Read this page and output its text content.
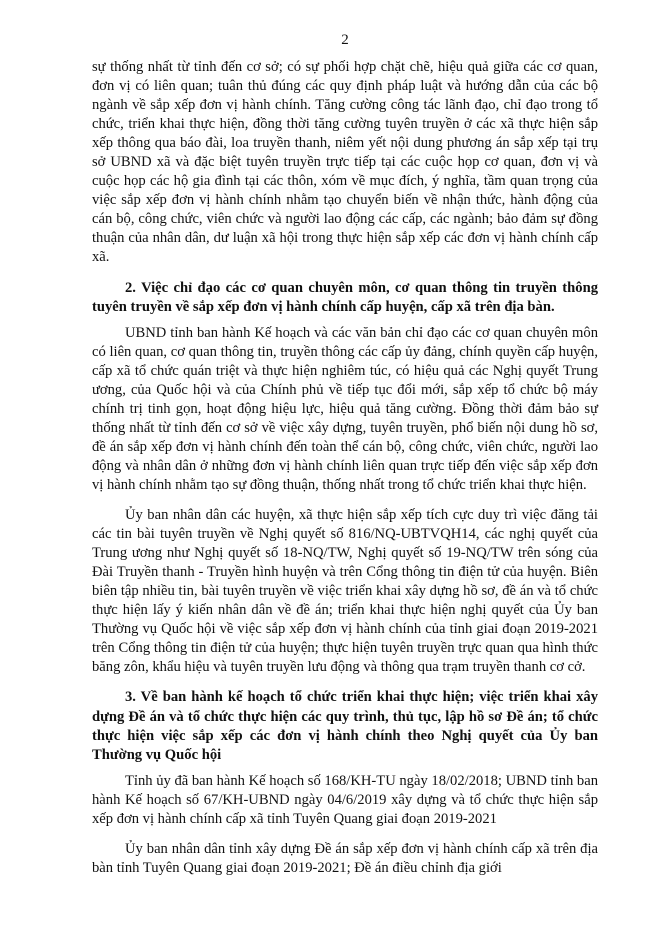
2

sự thống nhất từ tỉnh đến cơ sở; có sự phối hợp chặt chẽ, hiệu quả giữa các cơ quan, đơn vị có liên quan; tuân thủ đúng các quy định pháp luật và hướng dẫn của các bộ ngành về sắp xếp đơn vị hành chính. Tăng cường công tác lãnh đạo, chỉ đạo trong tổ chức, triển khai thực hiện, đồng thời tăng cường tuyên truyền ở các xã thực hiện sắp xếp thông qua báo đài, loa truyền thanh, niêm yết nội dung phương án sắp xếp tại trụ sở UBND xã và đặc biệt tuyên truyền trực tiếp tại các cuộc họp cơ quan, đơn vị và cuộc họp các hộ gia đình tại các thôn, xóm về mục đích, ý nghĩa, tầm quan trọng của việc sắp xếp đơn vị hành chính nhằm tạo chuyển biến về nhận thức, hành động của cán bộ, công chức, viên chức và người lao động các cấp, các ngành; bảo đảm sự đồng thuận của nhân dân, dư luận xã hội trong thực hiện sắp xếp các đơn vị hành chính cấp xã.

2. Việc chỉ đạo các cơ quan chuyên môn, cơ quan thông tin truyền thông tuyên truyền về sắp xếp đơn vị hành chính cấp huyện, cấp xã trên địa bàn.

UBND tỉnh ban hành Kế hoạch và các văn bản chỉ đạo các cơ quan chuyên môn có liên quan, cơ quan thông tin, truyền thông các cấp ủy đảng, chính quyền cấp huyện, cấp xã tổ chức quán triệt và thực hiện nghiêm túc, có hiệu quả các Nghị quyết Trung ương, của Quốc hội và của Chính phủ về tiếp tục đổi mới, sắp xếp tổ chức bộ máy chính trị tinh gọn, hoạt động hiệu lực, hiệu quả tăng cường. Đồng thời đảm bảo sự thống nhất từ tỉnh đến cơ sở về việc xây dựng, tuyên truyền, phổ biến nội dung hồ sơ, đề án sắp xếp đơn vị hành chính đến toàn thể cán bộ, công chức, viên chức, người lao động và nhân dân ở những đơn vị hành chính liên quan trực tiếp đến việc sắp xếp đơn vị hành chính nhằm tạo sự đồng thuận, thống nhất trong tổ chức triển khai thực hiện.

Ủy ban nhân dân các huyện, xã thực hiện sắp xếp tích cực duy trì việc đăng tải các tin bài tuyên truyền về Nghị quyết số 816/NQ-UBTVQH14, các nghị quyết của Trung ương như Nghị quyết số 18-NQ/TW, Nghị quyết số 19-NQ/TW trên sóng của Đài Truyền thanh - Truyền hình huyện và trên Cổng thông tin điện tử của huyện. Biên biên tập nhiều tin, bài tuyên truyền về việc triển khai xây dựng hồ sơ, đề án và tổ chức thực hiện lấy ý kiến nhân dân về đề án; triển khai thực hiện nghị quyết của Ủy ban Thường vụ Quốc hội về việc sắp xếp đơn vị hành chính của tỉnh giai đoạn 2019-2021 trên Cổng thông tin điện tử của huyện; thực hiện tuyên truyền trực quan qua hình thức băng zôn, khẩu hiệu và tuyên truyền lưu động và thông qua trạm truyền thanh cơ cở.

3. Về ban hành kế hoạch tổ chức triển khai thực hiện; việc triển khai xây dựng Đề án và tổ chức thực hiện các quy trình, thủ tục, lập hồ sơ Đề án; tổ chức thực hiện việc sắp xếp các đơn vị hành chính theo Nghị quyết của Ủy ban Thường vụ Quốc hội

Tỉnh ủy đã ban hành Kế hoạch số 168/KH-TU ngày 18/02/2018; UBND tỉnh ban hành Kế hoạch số 67/KH-UBND ngày 04/6/2019 xây dựng và tổ chức thực hiện sắp xếp đơn vị hành chính cấp xã tỉnh Tuyên Quang giai đoạn 2019-2021

Ủy ban nhân dân tỉnh xây dựng Đề án sắp xếp đơn vị hành chính cấp xã trên địa bàn tỉnh Tuyên Quang giai đoạn 2019-2021; Đề án điều chỉnh địa giới
